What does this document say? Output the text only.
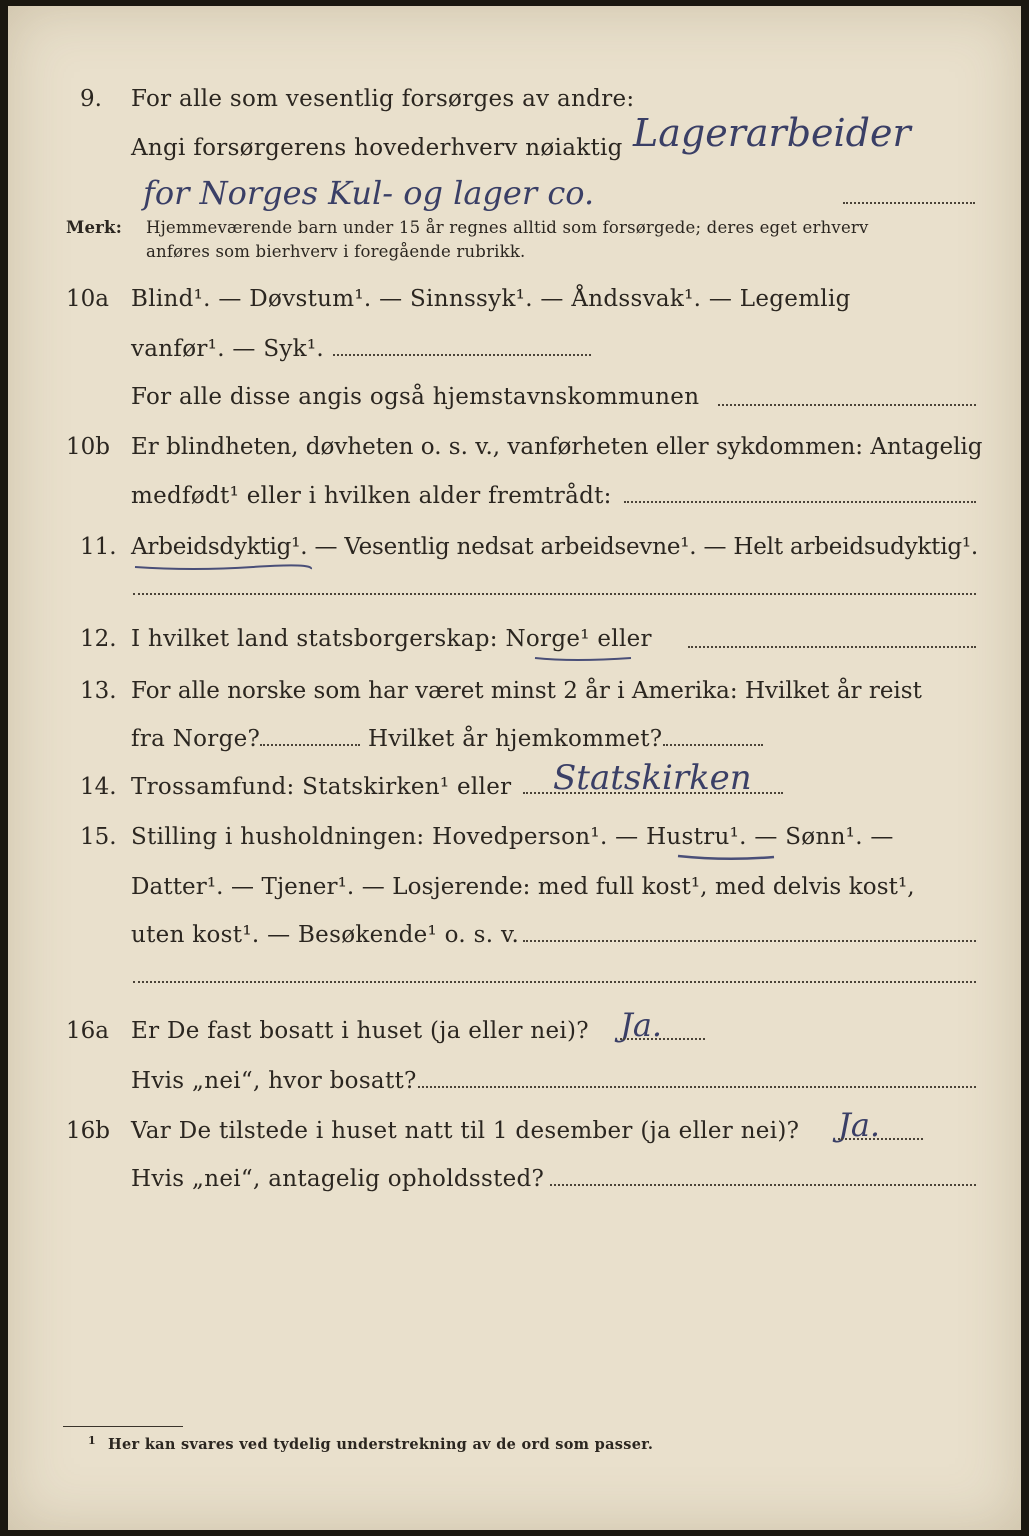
9. For alle som vesentlig forsørges av andre:
Angi forsørgerens hovederhverv nøiaktig Lagerarbeider
for Norges Kul- og lager co.
Merk: Hjemmeværende barn under 15 år regnes alltid som forsørgede; deres eget erhverv
anføres som bierhverv i foregående rubrikk.
10a Blind¹. — Døvstum¹. — Sinnssyk¹. — Åndssvak¹. — Legemlig
vanfør¹. — Syk¹.
For alle disse angis også hjemstavnskommunen
10b Er blindheten, døvheten o. s. v., vanførheten eller sykdommen: Antagelig
medfødt¹ eller i hvilken alder fremtrådt:
11. Arbeidsdyktig¹. — Vesentlig nedsat arbeidsevne¹. — Helt arbeidsudyktig¹.
12. I hvilket land statsborgerskap: Norge¹ eller
13. For alle norske som har været minst 2 år i Amerika: Hvilket år reist
fra Norge?	Hvilket år hjemkommet?
14. Trossamfund: Statskirken¹ eller Statskirken
15. Stilling i husholdningen: Hovedperson¹. — Hustru¹. — Sønn¹. —
Datter¹. — Tjener¹. — Losjerende: med full kost¹, med delvis kost¹,
uten kost¹. — Besøkende¹ o. s. v.
16a Er De fast bosatt i huset (ja eller nei)? Ja.
Hvis „nei“, hvor bosatt?
16b Var De tilstede i huset natt til 1 desember (ja eller nei)? Ja.
Hvis „nei“, antagelig opholdssted?
1 Her kan svares ved tydelig understrekning av de ord som passer.
